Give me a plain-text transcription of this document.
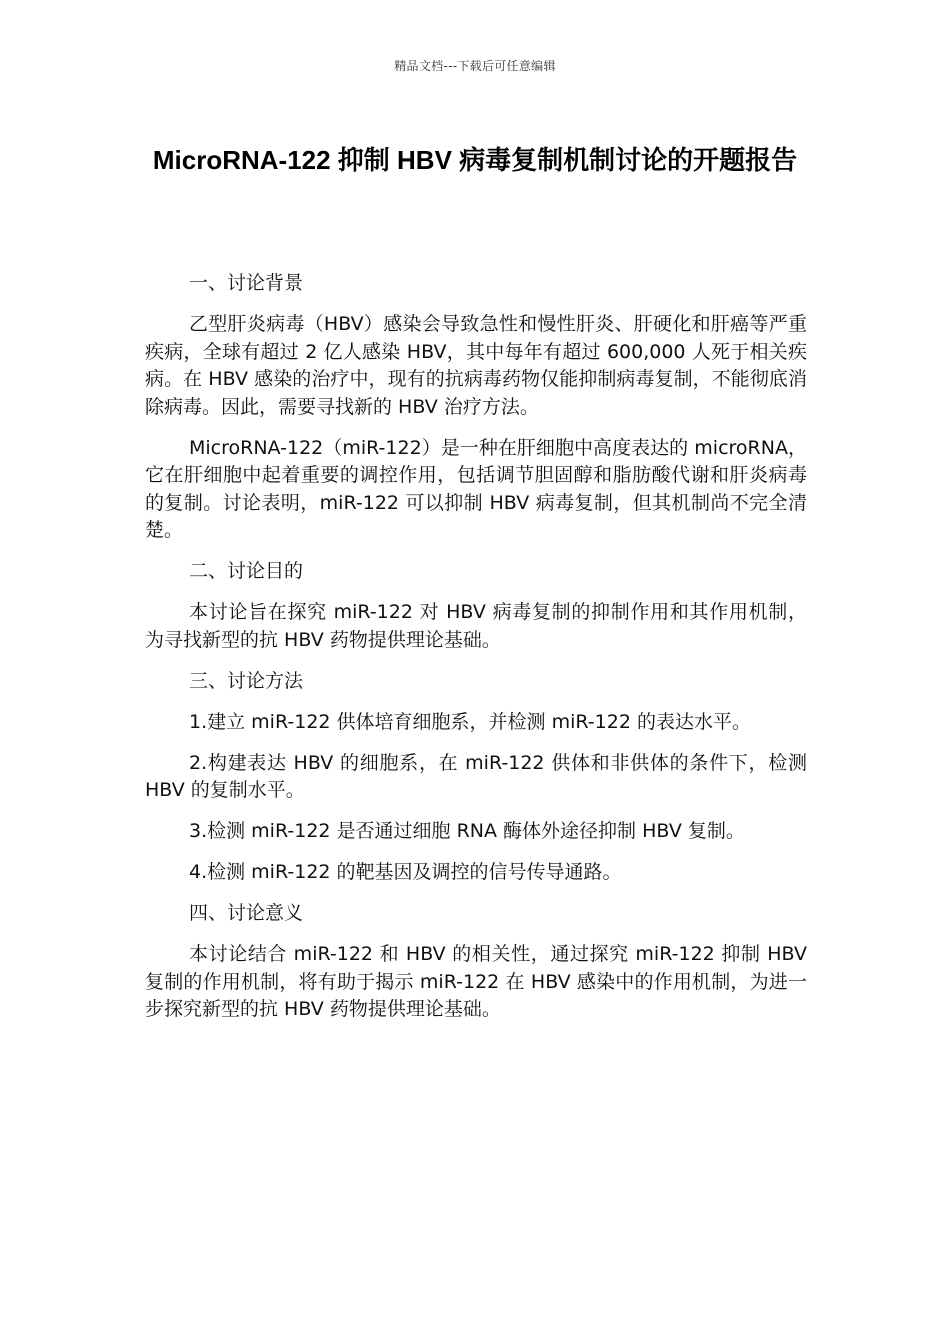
精品文档---下载后可任意编辑
MicroRNA-122 抑制 HBV 病毒复制机制讨论的开题报告

一、讨论背景

乙型肝炎病毒（HBV）感染会导致急性和慢性肝炎、肝硬化和肝癌等严重疾病，全球有超过 2 亿人感染 HBV，其中每年有超过 600,000 人死于相关疾病。在 HBV 感染的治疗中，现有的抗病毒药物仅能抑制病毒复制，不能彻底消除病毒。因此，需要寻找新的 HBV 治疗方法。

MicroRNA-122（miR-122）是一种在肝细胞中高度表达的 microRNA，它在肝细胞中起着重要的调控作用，包括调节胆固醇和脂肪酸代谢和肝炎病毒的复制。讨论表明，miR-122 可以抑制 HBV 病毒复制，但其机制尚不完全清楚。

二、讨论目的

本讨论旨在探究 miR-122 对 HBV 病毒复制的抑制作用和其作用机制，为寻找新型的抗 HBV 药物提供理论基础。

三、讨论方法

1.建立 miR-122 供体培育细胞系，并检测 miR-122 的表达水平。

2.构建表达 HBV 的细胞系，在 miR-122 供体和非供体的条件下，检测 HBV 的复制水平。

3.检测 miR-122 是否通过细胞 RNA 酶体外途径抑制 HBV 复制。

4.检测 miR-122 的靶基因及调控的信号传导通路。

四、讨论意义

本讨论结合 miR-122 和 HBV 的相关性，通过探究 miR-122 抑制 HBV 复制的作用机制，将有助于揭示 miR-122 在 HBV 感染中的作用机制，为进一步探究新型的抗 HBV 药物提供理论基础。
